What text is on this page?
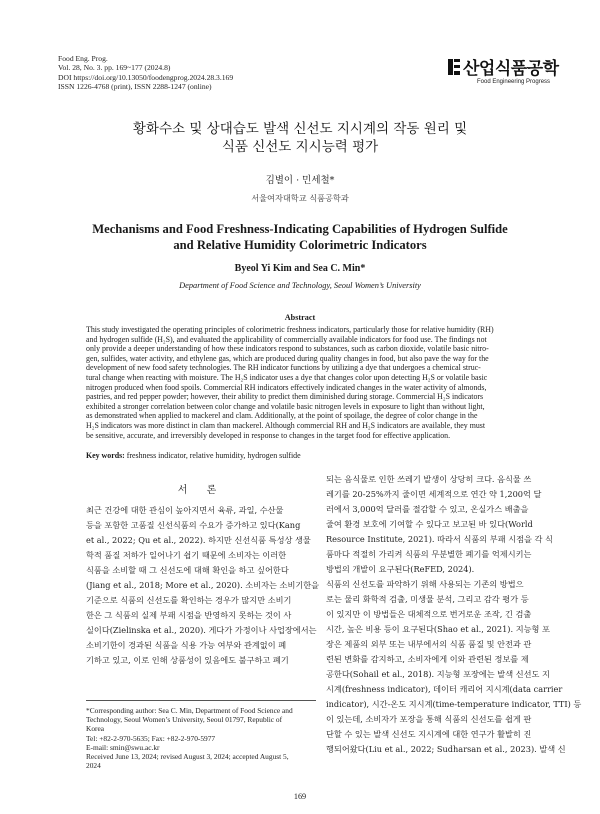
Food Eng. Prog.
Vol. 28, No. 3. pp. 169~177 (2024.8)
DOI https://doi.org/10.13050/foodengprog.2024.28.3.169
ISSN 1226-4768 (print), ISSN 2288-1247 (online)
산업식품공학
Food Engineering Progress
황화수소 및 상대습도 발색 신선도 지시계의 작동 원리 및
식품 신선도 지시능력 평가
김별이 · 민세철*
서울여자대학교 식품공학과
Mechanisms and Food Freshness-Indicating Capabilities of Hydrogen Sulfide
and Relative Humidity Colorimetric Indicators
Byeol Yi Kim and Sea C. Min*
Department of Food Science and Technology, Seoul Women’s University
Abstract
This study investigated the operating principles of colorimetric freshness indicators, particularly those for relative humidity (RH)
and hydrogen sulfide (H₂S), and evaluated the applicability of commercially available indicators for food use. The findings not
only provide a deeper understanding of how these indicators respond to substances, such as carbon dioxide, volatile basic nitro-
gen, sulfides, water activity, and ethylene gas, which are produced during quality changes in food, but also pave the way for the
development of new food safety technologies. The RH indicator functions by utilizing a dye that undergoes a chemical struc-
tural change when reacting with moisture. The H₂S indicator uses a dye that changes color upon detecting H₂S or volatile basic
nitrogen produced when food spoils. Commercial RH indicators effectively indicated changes in the water activity of almonds,
pastries, and red pepper powder; however, their ability to predict them diminished during storage. Commercial H₂S indicators
exhibited a stronger correlation between color change and volatile basic nitrogen levels in exposure to light than without light,
as demonstrated when applied to mackerel and clam. Additionally, at the point of spoilage, the degree of color change in the
H₂S indicators was more distinct in clam than mackerel. Although commercial RH and H₂S indicators are available, they must
be sensitive, accurate, and irreversibly developed in response to changes in the target food for effective application.
Key words: freshness indicator, relative humidity, hydrogen sulfide
서 론
최근 건강에 대한 관심이 높아지면서 육류, 과일, 수산물
등을 포함한 고품질 신선식품의 수요가 증가하고 있다(Kang
et al., 2022; Qu et al., 2022). 하지만 신선식품 특성상 생물
학적 품질 저하가 일어나기 쉽기 때문에 소비자는 이러한
식품을 소비할 때 그 신선도에 대해 확인을 하고 싶어한다
(Jiang et al., 2018; More et al., 2020). 소비자는 소비기한을
기준으로 식품의 신선도를 확인하는 경우가 많지만 소비기
한은 그 식품의 실제 부패 시점을 반영하지 못하는 것이 사
실이다(Zielinska et al., 2020). 게다가 가정이나 사업장에서는
소비기한이 경과된 식품을 식용 가능 여부와 관계없이 폐
기하고 있고, 이로 인해 상품성이 있음에도 불구하고 폐기
되는 음식물로 인한 쓰레기 발생이 상당히 크다. 음식물 쓰
레기를 20-25%까지 줄이면 세계적으로 연간 약 1,200억 달
러에서 3,000억 달러를 절감할 수 있고, 온실가스 배출을
줄여 환경 보호에 기여할 수 있다고 보고된 바 있다(World
Resource Institute, 2021). 따라서 식품의 부패 시점을 각 식
품마다 적절히 가리켜 식품의 무분별한 폐기를 억제시키는
방법의 개발이 요구된다(ReFED, 2024).
식품의 신선도를 파악하기 위해 사용되는 기존의 방법으
로는 물리 화학적 검출, 미생물 분석, 그리고 감각 평가 등
이 있지만 이 방법들은 대체적으로 번거로운 조작, 긴 검출
시간, 높은 비용 등이 요구된다(Shao et al., 2021). 지능형 포
장은 제품의 외부 또는 내부에서의 식품 품질 및 안전과 관
련된 변화를 감지하고, 소비자에게 이와 관련된 정보를 제
공한다(Sohail et al., 2018). 지능형 포장에는 발색 신선도 지
시계(freshness indicator), 데이터 캐리어 지시계(data carrier
indicator), 시간-온도 지시계(time-temperature indicator, TTI) 등
이 있는데, 소비자가 포장을 통해 식품의 신선도를 쉽게 판
단할 수 있는 발색 신선도 지시계에 대한 연구가 활발히 진
행되어왔다(Liu et al., 2022; Sudharsan et al., 2023). 발색 신
*Corresponding author: Sea C. Min, Department of Food Science and
Technology, Seoul Women’s University, Seoul 01797, Republic of
Korea
Tel: +82-2-970-5635; Fax: +82-2-970-5977
E-mail: smin@swu.ac.kr
Received June 13, 2024; revised August 3, 2024; accepted August 5,
2024
169
